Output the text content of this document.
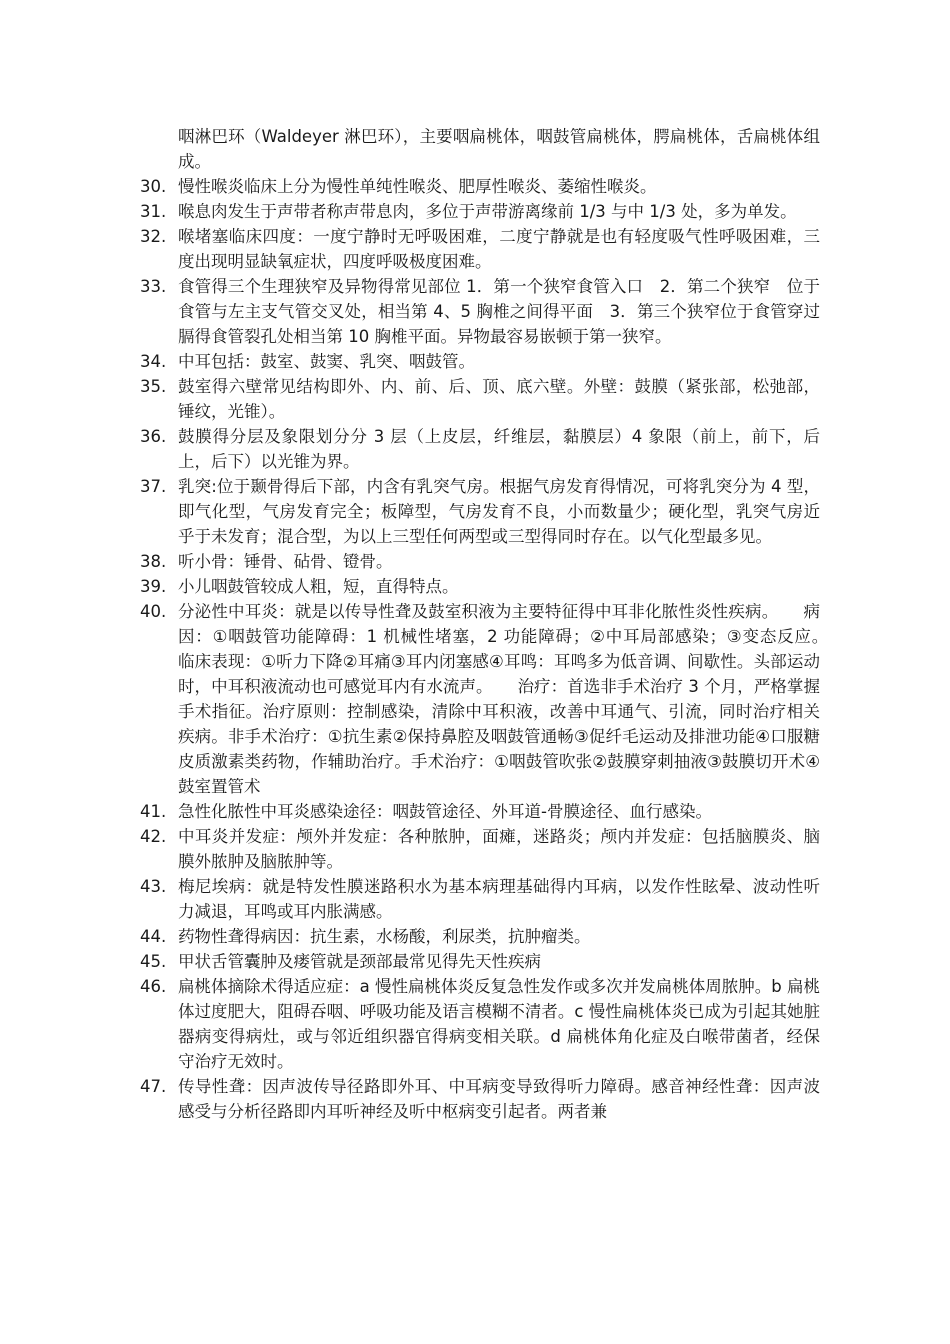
咽淋巴环（Waldeyer 淋巴环），主要咽扁桃体，咽鼓管扁桃体，腭扁桃体，舌扁桃体组成。
30. 慢性喉炎临床上分为慢性单纯性喉炎、肥厚性喉炎、萎缩性喉炎。
31. 喉息肉发生于声带者称声带息肉，多位于声带游离缘前 1/3 与中 1/3 处，多为单发。
32. 喉堵塞临床四度：一度宁静时无呼吸困难，二度宁静就是也有轻度吸气性呼吸困难，三度出现明显缺氧症状，四度呼吸极度困难。
33. 食管得三个生理狭窄及异物得常见部位 1．第一个狭窄食管入口　2．第二个狭窄　位于食管与左主支气管交叉处，相当第 4、5 胸椎之间得平面　3．第三个狭窄位于食管穿过膈得食管裂孔处相当第 10 胸椎平面。异物最容易嵌顿于第一狭窄。
34. 中耳包括：鼓室、鼓窦、乳突、咽鼓管。
35. 鼓室得六壁常见结构即外、内、前、后、顶、底六壁。外壁：鼓膜（紧张部，松弛部，锤纹，光锥）。
36. 鼓膜得分层及象限划分分 3 层（上皮层，纤维层，黏膜层）4 象限（前上，前下，后上，后下）以光锥为界。
37. 乳突:位于颞骨得后下部，内含有乳突气房。根据气房发育得情况，可将乳突分为 4 型，即气化型，气房发育完全；板障型，气房发育不良，小而数量少；硬化型，乳突气房近乎于未发育；混合型，为以上三型任何两型或三型得同时存在。以气化型最多见。
38. 听小骨：锤骨、砧骨、镫骨。
39. 小儿咽鼓管较成人粗，短，直得特点。
40. 分泌性中耳炎：就是以传导性聋及鼓室积液为主要特征得中耳非化脓性炎性疾病。　　病因：①咽鼓管功能障碍：1 机械性堵塞，2 功能障碍；②中耳局部感染；③变态反应。　　临床表现：①听力下降②耳痛③耳内闭塞感④耳鸣：耳鸣多为低音调、间歇性。头部运动时，中耳积液流动也可感觉耳内有水流声。　　治疗：首选非手术治疗 3 个月，严格掌握手术指征。治疗原则：控制感染，清除中耳积液，改善中耳通气、引流，同时治疗相关疾病。非手术治疗：①抗生素②保持鼻腔及咽鼓管通畅③促纤毛运动及排泄功能④口服糖皮质激素类药物，作辅助治疗。手术治疗：①咽鼓管吹张②鼓膜穿刺抽液③鼓膜切开术④鼓室置管术
41. 急性化脓性中耳炎感染途径：咽鼓管途径、外耳道-骨膜途径、血行感染。
42. 中耳炎并发症：颅外并发症：各种脓肿，面瘫，迷路炎；颅内并发症：包括脑膜炎、脑膜外脓肿及脑脓肿等。
43. 梅尼埃病：就是特发性膜迷路积水为基本病理基础得内耳病，以发作性眩晕、波动性听力减退，耳鸣或耳内胀满感。
44. 药物性聋得病因：抗生素，水杨酸，利尿类，抗肿瘤类。
45. 甲状舌管囊肿及瘘管就是颈部最常见得先天性疾病
46. 扁桃体摘除术得适应症：a 慢性扁桃体炎反复急性发作或多次并发扁桃体周脓肿。b 扁桃体过度肥大，阻碍吞咽、呼吸功能及语言模糊不清者。c 慢性扁桃体炎已成为引起其她脏器病变得病灶，或与邻近组织器官得病变相关联。d 扁桃体角化症及白喉带菌者，经保守治疗无效时。
47. 传导性聋：因声波传导径路即外耳、中耳病变导致得听力障碍。感音神经性聋：因声波感受与分析径路即内耳听神经及听中枢病变引起者。两者兼
